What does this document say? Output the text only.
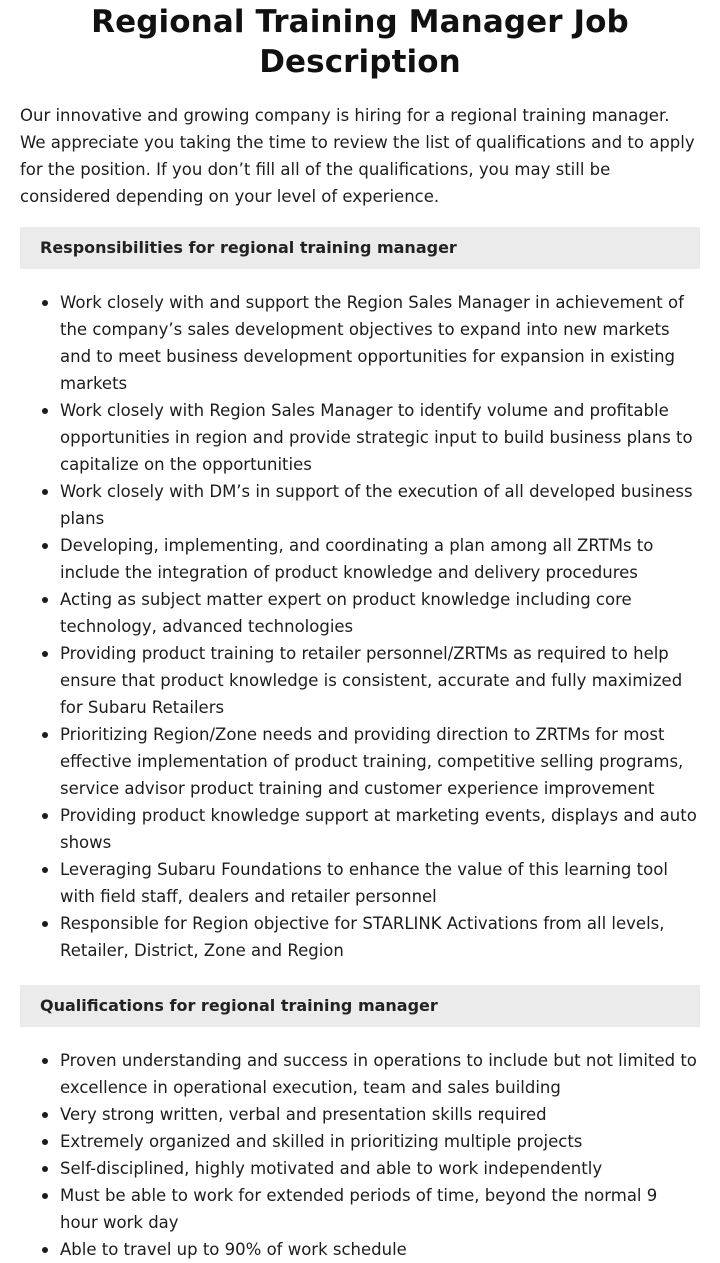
Regional Training Manager Job Description

Our innovative and growing company is hiring for a regional training manager. We appreciate you taking the time to review the list of qualifications and to apply for the position. If you don’t fill all of the qualifications, you may still be considered depending on your level of experience.

Responsibilities for regional training manager
Work closely with and support the Region Sales Manager in achievement of the company’s sales development objectives to expand into new markets and to meet business development opportunities for expansion in existing markets
Work closely with Region Sales Manager to identify volume and profitable opportunities in region and provide strategic input to build business plans to capitalize on the opportunities
Work closely with DM’s in support of the execution of all developed business plans
Developing, implementing, and coordinating a plan among all ZRTMs to include the integration of product knowledge and delivery procedures
Acting as subject matter expert on product knowledge including core technology, advanced technologies
Providing product training to retailer personnel/ZRTMs as required to help ensure that product knowledge is consistent, accurate and fully maximized for Subaru Retailers
Prioritizing Region/Zone needs and providing direction to ZRTMs for most effective implementation of product training, competitive selling programs, service advisor product training and customer experience improvement
Providing product knowledge support at marketing events, displays and auto shows
Leveraging Subaru Foundations to enhance the value of this learning tool with field staff, dealers and retailer personnel
Responsible for Region objective for STARLINK Activations from all levels, Retailer, District, Zone and Region
Qualifications for regional training manager
Proven understanding and success in operations to include but not limited to excellence in operational execution, team and sales building
Very strong written, verbal and presentation skills required
Extremely organized and skilled in prioritizing multiple projects
Self-disciplined, highly motivated and able to work independently
Must be able to work for extended periods of time, beyond the normal 9 hour work day
Able to travel up to 90% of work schedule
